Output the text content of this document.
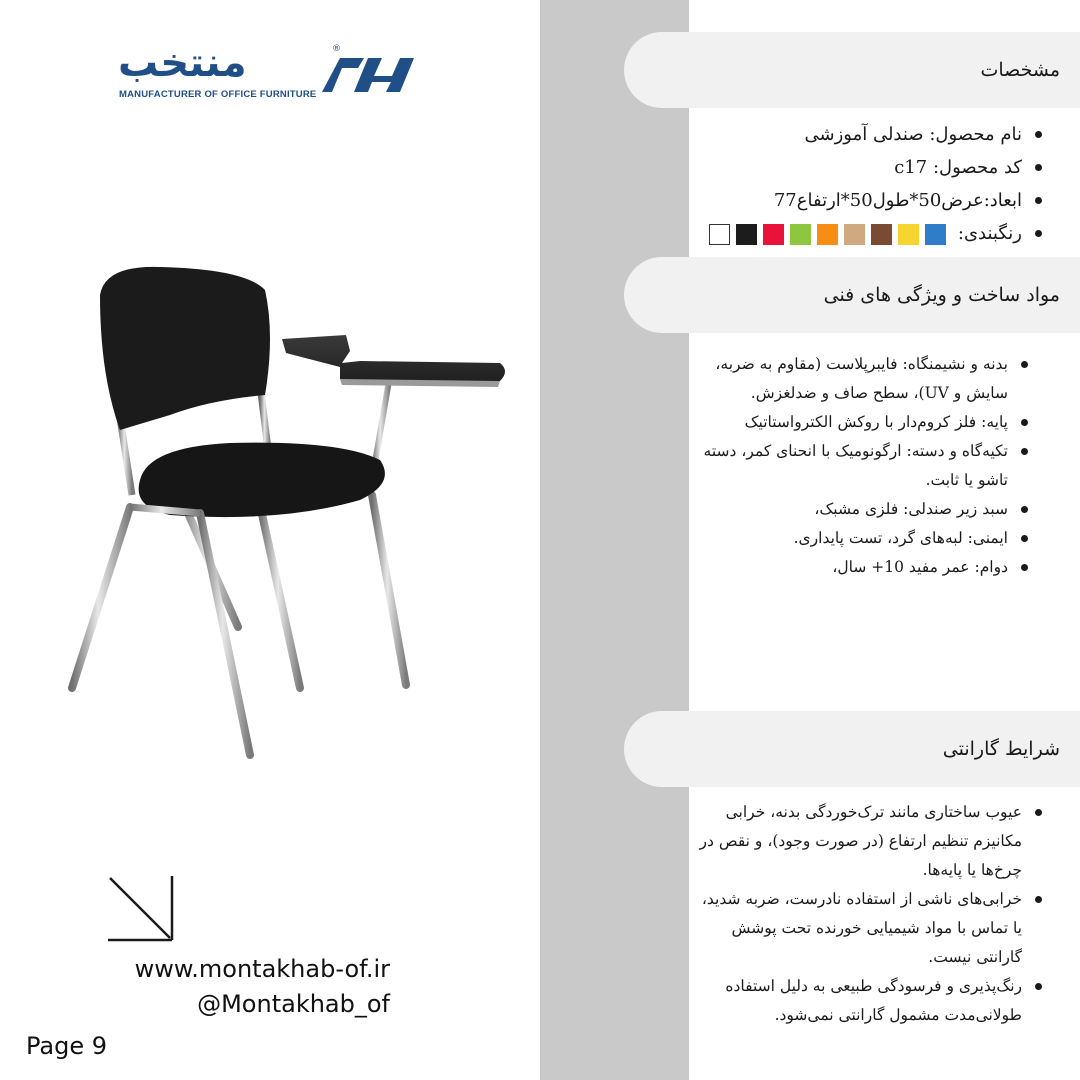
منتخب
MANUFACTURER OF OFFICE FURNITURE
®
www.montakhab-of.ir
@Montakhab_of
Page 9
مشخصات
نام محصول: صندلی آموزشی
کد محصول: c17
ابعاد:عرض50*طول50*ارتفاع77
رنگبندی:
مواد ساخت و ویژگی های فنی
بدنه و نشیمنگاه: فایبرپلاست (مقاوم به ضربه، سایش و UV)، سطح صاف و ضدلغزش.
پایه: فلز کروم‌دار با روکش الکترواستاتیک
تکیه‌گاه و دسته: ارگونومیک با انحنای کمر، دسته تاشو یا ثابت.
سبد زیر صندلی: فلزی مشبک،
ایمنی: لبه‌های گرد، تست پایداری.
دوام: عمر مفید 10+ سال،
شرایط گارانتی
عیوب ساختاری مانند ترک‌خوردگی بدنه، خرابی مکانیزم تنظیم ارتفاع (در صورت وجود)، و نقص در چرخ‌ها یا پایه‌ها.
خرابی‌های ناشی از استفاده نادرست، ضربه شدید، یا تماس با مواد شیمیایی خورنده تحت پوشش گارانتی نیست.
رنگ‌پذیری و فرسودگی طبیعی به دلیل استفاده طولانی‌مدت مشمول گارانتی نمی‌شود.
